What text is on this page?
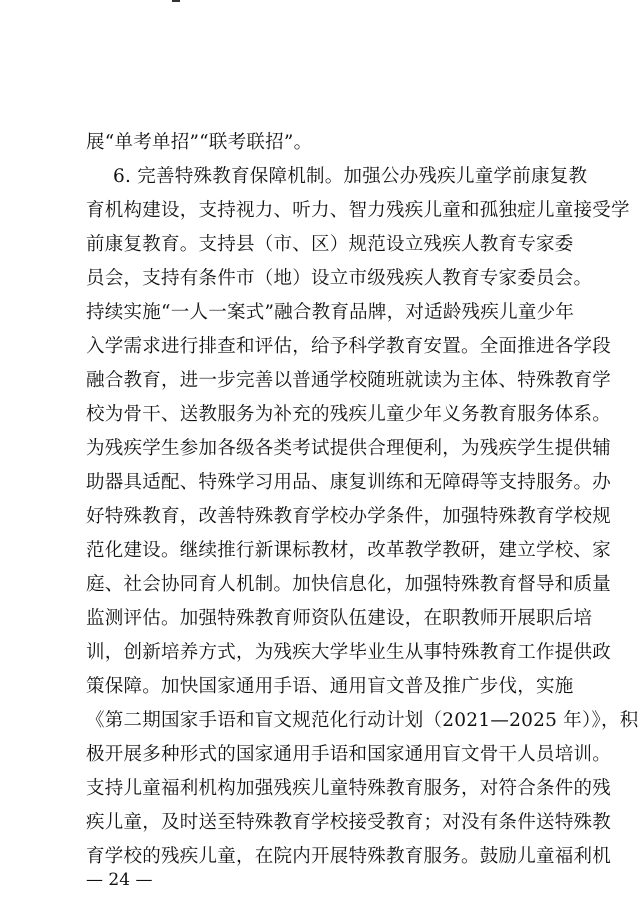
展“单考单招”“联考联招”。
6. 完善特殊教育保障机制。加强公办残疾儿童学前康复教
育机构建设，支持视力、听力、智力残疾儿童和孤独症儿童接受学
前康复教育。支持县（市、区）规范设立残疾人教育专家委
员会，支持有条件市（地）设立市级残疾人教育专家委员会。
持续实施“一人一案式”融合教育品牌，对适龄残疾儿童少年
入学需求进行排查和评估，给予科学教育安置。全面推进各学段
融合教育，进一步完善以普通学校随班就读为主体、特殊教育学
校为骨干、送教服务为补充的残疾儿童少年义务教育服务体系。
为残疾学生参加各级各类考试提供合理便利，为残疾学生提供辅
助器具适配、特殊学习用品、康复训练和无障碍等支持服务。办
好特殊教育，改善特殊教育学校办学条件，加强特殊教育学校规
范化建设。继续推行新课标教材，改革教学教研，建立学校、家
庭、社会协同育人机制。加快信息化，加强特殊教育督导和质量
监测评估。加强特殊教育师资队伍建设，在职教师开展职后培
训，创新培养方式，为残疾大学毕业生从事特殊教育工作提供政
策保障。加快国家通用手语、通用盲文普及推广步伐，实施
《第二期国家手语和盲文规范化行动计划（2021—2025 年）》，积
极开展多种形式的国家通用手语和国家通用盲文骨干人员培训。
支持儿童福利机构加强残疾儿童特殊教育服务，对符合条件的残
疾儿童，及时送至特殊教育学校接受教育；对没有条件送特殊教
育学校的残疾儿童，在院内开展特殊教育服务。鼓励儿童福利机
— 24 —
